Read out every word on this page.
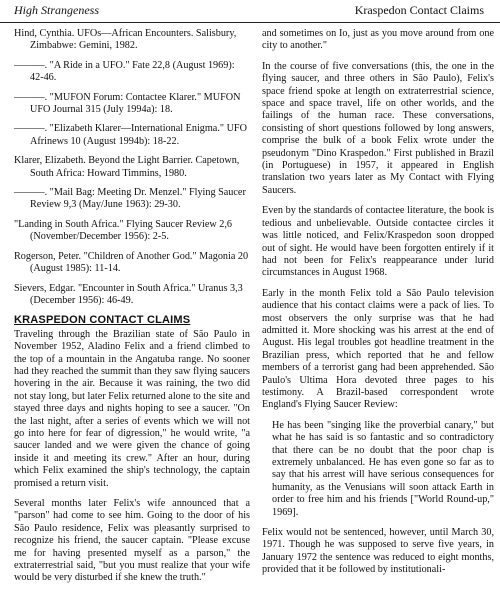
High Strangeness	Kraspedon Contact Claims
Hind, Cynthia. UFOs—African Encounters. Salisbury, Zimbabwe: Gemini, 1982.
———. "A Ride in a UFO." Fate 22,8 (August 1969): 42-46.
———. "MUFON Forum: Contactee Klarer." MUFON UFO Journal 315 (July 1994a): 18.
———. "Elizabeth Klarer—International Enigma." UFO Afrinews 10 (August 1994b): 18-22.
Klarer, Elizabeth. Beyond the Light Barrier. Capetown, South Africa: Howard Timmins, 1980.
———. "Mail Bag: Meeting Dr. Menzel." Flying Saucer Review 9,3 (May/June 1963): 29-30.
"Landing in South Africa." Flying Saucer Review 2,6 (November/December 1956): 2-5.
Rogerson, Peter. "Children of Another God." Magonia 20 (August 1985): 11-14.
Sievers, Edgar. "Encounter in South Africa." Uranus 3,3 (December 1956): 46-49.
KRASPEDON CONTACT CLAIMS

Traveling through the Brazilian state of São Paulo in November 1952, Aladino Felix and a friend climbed to the top of a mountain in the Angatuba range. No sooner had they reached the summit than they saw flying saucers hovering in the air. Because it was raining, the two did not stay long, but later Felix returned alone to the site and stayed three days and nights hoping to see a saucer. "On the last night, after a series of events which we will not go into here for fear of digression," he would write, "a saucer landed and we were given the chance of going inside it and meeting its crew." After an hour, during which Felix examined the ship's technology, the captain promised a return visit.

Several months later Felix's wife announced that a "parson" had come to see him. Going to the door of his São Paulo residence, Felix was pleasantly surprised to recognize his friend, the saucer captain. "Please excuse me for having presented myself as a parson," the extraterrestrial said, "but you must realize that your wife would be very disturbed if she knew the truth."

and sometimes on Io, just as you move around from one city to another."

In the course of five conversations (this, the one in the flying saucer, and three others in São Paulo), Felix's space friend spoke at length on extraterrestrial science, space and space travel, life on other worlds, and the failings of the human race. These conversations, consisting of short questions followed by long answers, comprise the bulk of a book Felix wrote under the pseudonym "Dino Kraspedon." First published in Brazil (in Portuguese) in 1957, it appeared in English translation two years later as My Contact with Flying Saucers.

Even by the standards of contactee literature, the book is tedious and unbelievable. Outside contactee circles it was little noticed, and Felix/Kraspedon soon dropped out of sight. He would have been forgotten entirely if it had not been for Felix's reappearance under lurid circumstances in August 1968.

Early in the month Felix told a São Paulo television audience that his contact claims were a pack of lies. To most observers the only surprise was that he had admitted it. More shocking was his arrest at the end of August. His legal troubles got headline treatment in the Brazilian press, which reported that he and fellow members of a terrorist gang had been apprehended. São Paulo's Ultima Hora devoted three pages to his testimony. A Brazil-based correspondent wrote England's Flying Saucer Review:

He has been "singing like the proverbial canary," but what he has said is so fantastic and so contradictory that there can be no doubt that the poor chap is extremely unbalanced. He has even gone so far as to say that his arrest will have serious consequences for humanity, as the Venusians will soon attack Earth in order to free him and his friends ["World Round-up," 1969].

Felix would not be sentenced, however, until March 30, 1971. Though he was supposed to serve five years, in January 1972 the sentence was reduced to eight months, provided that it be followed by institutionali-
